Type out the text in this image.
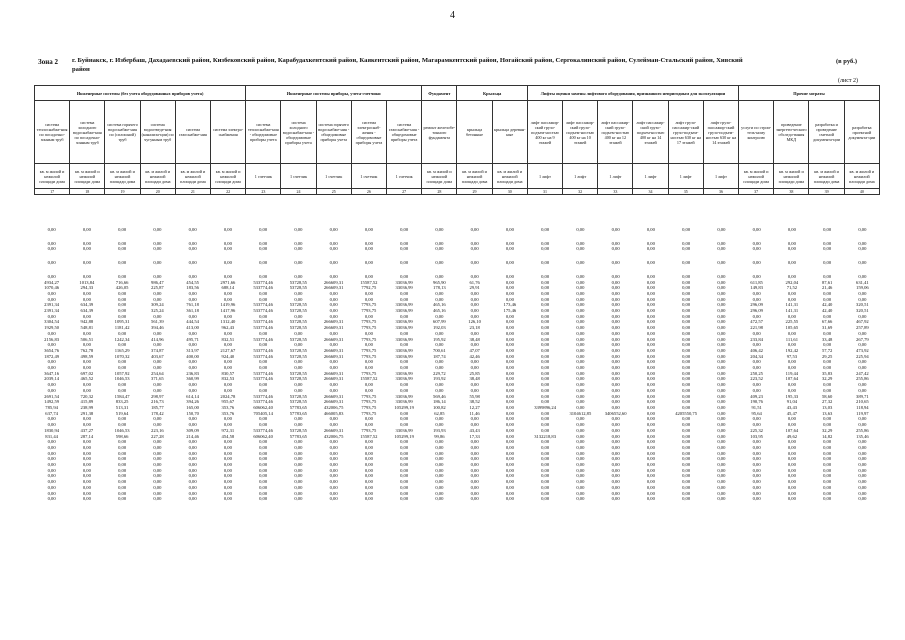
4
Зона 2 г. Буйнакск, г. Избербаш, Дахадаевский район, Кизбековский район, Карабудахкентский район, Каякентский район, Магарамкентский район, Ногайский район, Сергокалинский район, Сулейман-Стальский район, Хивский район
(в руб.)
(лист 2)
Инженерные системы (без учета оборудованных приборов учета)						Инженерные системы приборы, учета-счетчики					Фундамент	Крыльца		Лифты оценки замены лифтового оборудования, признанного непригодным для эксплуатации						Прочие затраты			
система теплоснабже-ния по посадочно-зонным труб	система холодного водоснабже-ния по посадочно-зонным труб	система горячего водоснабже-ния по (сплошной) труб	система водоотведе-ния (канализа-ции) по чугунным труб	система газоснабже-ния	система электро-снабжения	система теплоснабже-ния - общедомовые приборы учета	система холодного водоснабже-ния - общедомовые приборы учета	система горячего водоснабже-ния - общедомовые приборы учета	система электроснаб-жения - общедомовые приборы учета	система газоснабже-ния - общедомовые приборы учета	ремонт железобе-тонного фундамента	крыльца бетонные	крыльца деревян-ные	лифт пассажир-ский грузо-подъем-ностью 400 кг на 9 этажей	лифт пассажир-ский грузо-подъем-ностью 400 кг на 10 этажей	лифт пассажир-ский грузо-подъем-ностью 400 кг на 12 этажей	лифт пассажир-ский грузо-подъем-ностью 400 кг на 14 этажей	лифт грузо-пассажир-ский грузо-подъем-ностью 630 кг на 17 этажей	лифт грузо-пассажир-ский грузо-подъем-ностью 630 кг на 14 этажей	услуги по строи-тель-ному контролю	проведение энергети-ческого обследо-вания МКД	разработка и проведение сметной документа-ции	разработка проектной документа-ции
кв. м жилой и нежилой площади дома	кв. м жилой и нежилой площади дома	кв. м жилой и нежилой площади дома	кв. м жилой и нежилой площади дома	кв. м жилой и нежилой площади дома	кв. м жилой и нежилой площади дома	1 счетчик	1 счетчик	1 счетчик	1 счетчик	1 счетчик	кв. м жилой и нежилой площади дома	кв. м жилой и нежилой площади дома	кв. м жилой и нежилой площади дома	1 лифт	1 лифт	1 лифт	1 лифт	1 лифт	1 лифт	кв. м жилой и нежилой площади дома	кв. м жилой и нежилой площади дома	кв. м жилой и нежилой площади дома	кв. м жилой и нежилой площади дома
17	18	19	20	21	22	23	24	25	26	27	28	29	30	31	32	33	34	35	36	37	38	39	40
0,00	0,00	0,00	0,00	0,00	0,00	0,00	0,00	0,00	0,00	0,00	0,00	0,00	0,00	0,00	0,00	0,00	0,00	0,00	0,00	0,00	0,00	0,00	0,00

0,00	0,00	0,00	0,00	0,00	0,00	0,00	0,00	0,00	0,00	0,00	0,00	0,00	0,00	0,00	0,00	0,00	0,00	0,00	0,00	0,00	0,00	0,00	0,00
0,00	0,00	0,00	0,00	0,00	0,00	0,00	0,00	0,00	0,00	0,00	0,00	0,00	0,00	0,00	0,00	0,00	0,00	0,00	0,00	0,00	0,00	0,00	0,00

0,00	0,00	0,00	0,00	0,00	0,00	0,00	0,00	0,00	0,00	0,00	0,00	0,00	0,00	0,00	0,00	0,00	0,00	0,00	0,00	0,00	0,00	0,00	0,00

0,00	0,00	0,00	0,00	0,00	0,00	0,00	0,00	0,00	0,00	0,00	0,00	0,00	0,00	0,00	0,00	0,00	0,00	0,00	0,00	0,00	0,00	0,00	0,00
4934,27	1013,84	716,66	986,47	454,55	2971,66	533774,46	53728,55	266609,31	15587,52	33036,99	965,90	61,76	0,00	0,00	0,00	0,00	0,00	0,00	0,00	611,85	292,04	87,61	631,41
1070,46	294,33	426,05	225,87	183,56	688,14	533774,46	53728,55	266609,31	7792,75	33036,99	178,13	29,91	0,00	0,00	0,00	0,00	0,00	0,00	0,00	149,83	71,52	21,46	159,06
0,00	0,00	0,00	0,00	0,00	0,00	0,00	0,00	0,00	0,00	0,00	0,00	0,00	0,00	0,00	0,00	0,00	0,00	0,00	0,00	0,00	0,00	0,00	0,00
0,00	0,00	0,00	0,00	0,00	0,00	0,00	0,00	0,00	0,00	0,00	0,00	0,00	0,00	0,00	0,00	0,00	0,00	0,00	0,00	0,00	0,00	0,00	0,00
2391,34	634,39	0,00	309,24	761,18	1419,96	533774,46	53728,55	0,00	7793,75	33036,99	465,16	0,00	173,46	0,00	0,00	0,00	0,00	0,00	0,00	296,09	141,31	42,40	320,51
2391,34	634,39	0,00	325,24	361,18	1417,96	533774,46	53728,55	0,00	7793,75	33036,99	465,16	0,00	175,46	0,00	0,00	0,00	0,00	0,00	0,00	296,09	141,31	42,40	320,51
0,00	0,00	0,00	0,00	0,00	0,00	0,00	0,00	0,00	0,00	0,00	0,00	0,00	0,00	0,00	0,00	0,00	0,00	0,00	0,00	0,00	0,00	0,00	0,00
3304,54	942,88	1095,31	561,39	444,54	1312,40	533774,46	53728,55	266609,31	7793,75	33036,99	607,99	126,10	0,00	0,00	0,00	0,00	0,00	0,00	0,00	472,57	225,55	67,66	467,92
1929,50	548,81	1181,42	394,46	413,00	962,43	533774,46	53728,55	266609,31	7793,75	33036,99	192,03	23,18	0,00	0,00	0,00	0,00	0,00	0,00	0,00	221,98	105,65	31,69	257,89
0,00	0,00	0,00	0,00	0,00	0,00	0,00	0,00	0,00	0,00	0,00	0,00	0,00	0,00	0,00	0,00	0,00	0,00	0,00	0,00	0,00	0,00	0,00	0,00
2156,83	506,51	1242,34	414,96	495,71	832,51	533774,46	53728,55	266609,31	7793,75	33036,99	195,92	38,48	0,00	0,00	0,00	0,00	0,00	0,00	0,00	233,84	111,61	33,48	267,79
0,00	0,00	0,00	0,00	0,00	0,00	0,00	0,00	0,00	0,00	0,00	0,00	0,00	0,00	0,00	0,00	0,00	0,00	0,00	0,00	0,00	0,00	0,00	0,00
3654,76	762,78	1165,29	374,87	313,97	2127,67	533774,46	53728,55	266609,31	7793,75	33036,99	700,61	47,07	0,00	0,00	0,00	0,00	0,00	0,00	0,00	406,42	192,42	57,72	473,92
1872,49	498,59	1070,32	403,67	400,00	924,40	533774,46	53728,55	266609,31	7793,75	33036,99	187,74	42,46	0,00	0,00	0,00	0,00	0,00	0,00	0,00	204,34	97,53	29,25	225,94
0,00	0,00	0,00	0,00	0,00	0,00	0,00	0,00	0,00	0,00	0,00	0,00	0,00	0,00	0,00	0,00	0,00	0,00	0,00	0,00	0,00	0,00	0,00	0,00
0,00	0,00	0,00	0,00	0,00	0,00	0,00	0,00	0,00	0,00	0,00	0,00	0,00	0,00	0,00	0,00	0,00	0,00	0,00	0,00	0,00	0,00	0,00	0,00
3647,16	697,02	1057,92	254,64	236,83	830,57	533774,46	53728,55	266609,31	7793,75	33036,99	229,72	25,85	0,00	0,00	0,00	0,00	0,00	0,00	0,00	250,25	119,44	35,83	247,42
2039,14	465,52	1046,53	371,65	360,99	832,53	533774,46	53728,55	266609,31	15587,52	33036,99	193,92	38,48	0,00	0,00	0,00	0,00	0,00	0,00	0,00	223,52	107,64	32,29	255,86
0,00	0,00	0,00	0,00	0,00	0,00	0,00	0,00	0,00	0,00	0,00	0,00	0,00	0,00	0,00	0,00	0,00	0,00	0,00	0,00	0,00	0,00	0,00	0,00
0,00	0,00	0,00	0,00	0,00	0,00	0,00	0,00	0,00	0,00	0,00	0,00	0,00	0,00	0,00	0,00	0,00	0,00	0,00	0,00	0,00	0,00	0,00	0,00
2691,54	720,32	1584,47	298,97	614,14	2024,78	533774,46	53728,55	266609,31	7793,75	33036,99	569,46	55,98	0,00	0,00	0,00	0,00	0,00	0,00	0,00	409,23	195,33	58,60	389,71
1492,59	415,89	833,25	216,73	394,26	955,67	533774,46	53728,55	266609,31	7793,75	33036,99	186,14	38,52	0,00	0,00	0,00	0,00	0,00	0,00	0,00	190,76	91,04	27,32	210,65
785,94	238,99	513,31	185,77	165,00	353,76	606062,40	57783,65	432006,75	7793,75	105299,19	100,82	12,27	0,00	3399896,24	0,00	0,00	0,00	0,00	0,00	91,51	43,43	13,03	118,94
637,74	291,38	519,64	178,42	150,70	353,76	705405,14	57783,65	466005,83	7793,75	0,00	62,85	11,46	0,00	0,00	3104612,85	3406552,60	0,00	4205550,75	0,00	95,64	45,47	13,63	119,97
0,00	0,00	0,00	0,00	0,00	0,00	0,00	0,00	0,00	0,00	0,00	0,00	0,00	0,00	0,00	0,00	0,00	0,00	0,00	0,00	0,00	0,00	0,00	0,00
0,00	0,00	0,00	0,00	0,00	0,00	0,00	0,00	0,00	0,00	0,00	0,00	0,00	0,00	0,00	0,00	0,00	0,00	0,00	0,00	0,00	0,00	0,00	0,00
1830,94	437,27	1046,53	223,16	309,09	972,31	533774,46	53728,55	266609,31	7793,75	33036,99	193,93	43,43	0,00	0,00	0,00	0,00	0,00	0,00	0,00	225,32	107,64	32,29	255,86
831,44	287,14	598,66	227,28	214,46	454,58	606062,40	57783,65	432006,75	15587,52	105299,19	99,86	17,33	0,00	3132218,83	0,00	0,00	0,00	0,00	0,00	103,95	49,62	14,82	135,46
0,00	0,00	0,00	0,00	0,00	0,00	0,00	0,00	0,00	0,00	0,00	0,00	0,00	0,00	0,00	0,00	0,00	0,00	0,00	0,00	0,00	0,00	0,00	0,00
0,00	0,00	0,00	0,00	0,00	0,00	0,00	0,00	0,00	0,00	0,00	0,00	0,00	0,00	0,00	0,00	0,00	0,00	0,00	0,00	0,00	0,00	0,00	0,00
0,00	0,00	0,00	0,00	0,00	0,00	0,00	0,00	0,00	0,00	0,00	0,00	0,00	0,00	0,00	0,00	0,00	0,00	0,00	0,00	0,00	0,00	0,00	0,00
0,00	0,00	0,00	0,00	0,00	0,00	0,00	0,00	0,00	0,00	0,00	0,00	0,00	0,00	0,00	0,00	0,00	0,00	0,00	0,00	0,00	0,00	0,00	0,00
0,00	0,00	0,00	0,00	0,00	0,00	0,00	0,00	0,00	0,00	0,00	0,00	0,00	0,00	0,00	0,00	0,00	0,00	0,00	0,00	0,00	0,00	0,00	0,00
0,00	0,00	0,00	0,00	0,00	0,00	0,00	0,00	0,00	0,00	0,00	0,00	0,00	0,00	0,00	0,00	0,00	0,00	0,00	0,00	0,00	0,00	0,00	0,00
0,00	0,00	0,00	0,00	0,00	0,00	0,00	0,00	0,00	0,00	0,00	0,00	0,00	0,00	0,00	0,00	0,00	0,00	0,00	0,00	0,00	0,00	0,00	0,00
0,00	0,00	0,00	0,00	0,00	0,00	0,00	0,00	0,00	0,00	0,00	0,00	0,00	0,00	0,00	0,00	0,00	0,00	0,00	0,00	0,00	0,00	0,00	0,00
0,00	0,00	0,00	0,00	0,00	0,00	0,00	0,00	0,00	0,00	0,00	0,00	0,00	0,00	0,00	0,00	0,00	0,00	0,00	0,00	0,00	0,00	0,00	0,00
0,00	0,00	0,00	0,00	0,00	0,00	0,00	0,00	0,00	0,00	0,00	0,00	0,00	0,00	0,00	0,00	0,00	0,00	0,00	0,00	0,00	0,00	0,00	0,00
0,00	0,00	0,00	0,00	0,00	0,00	0,00	0,00	0,00	0,00	0,00	0,00	0,00	0,00	0,00	0,00	0,00	0,00	0,00	0,00	0,00	0,00	0,00	0,00
